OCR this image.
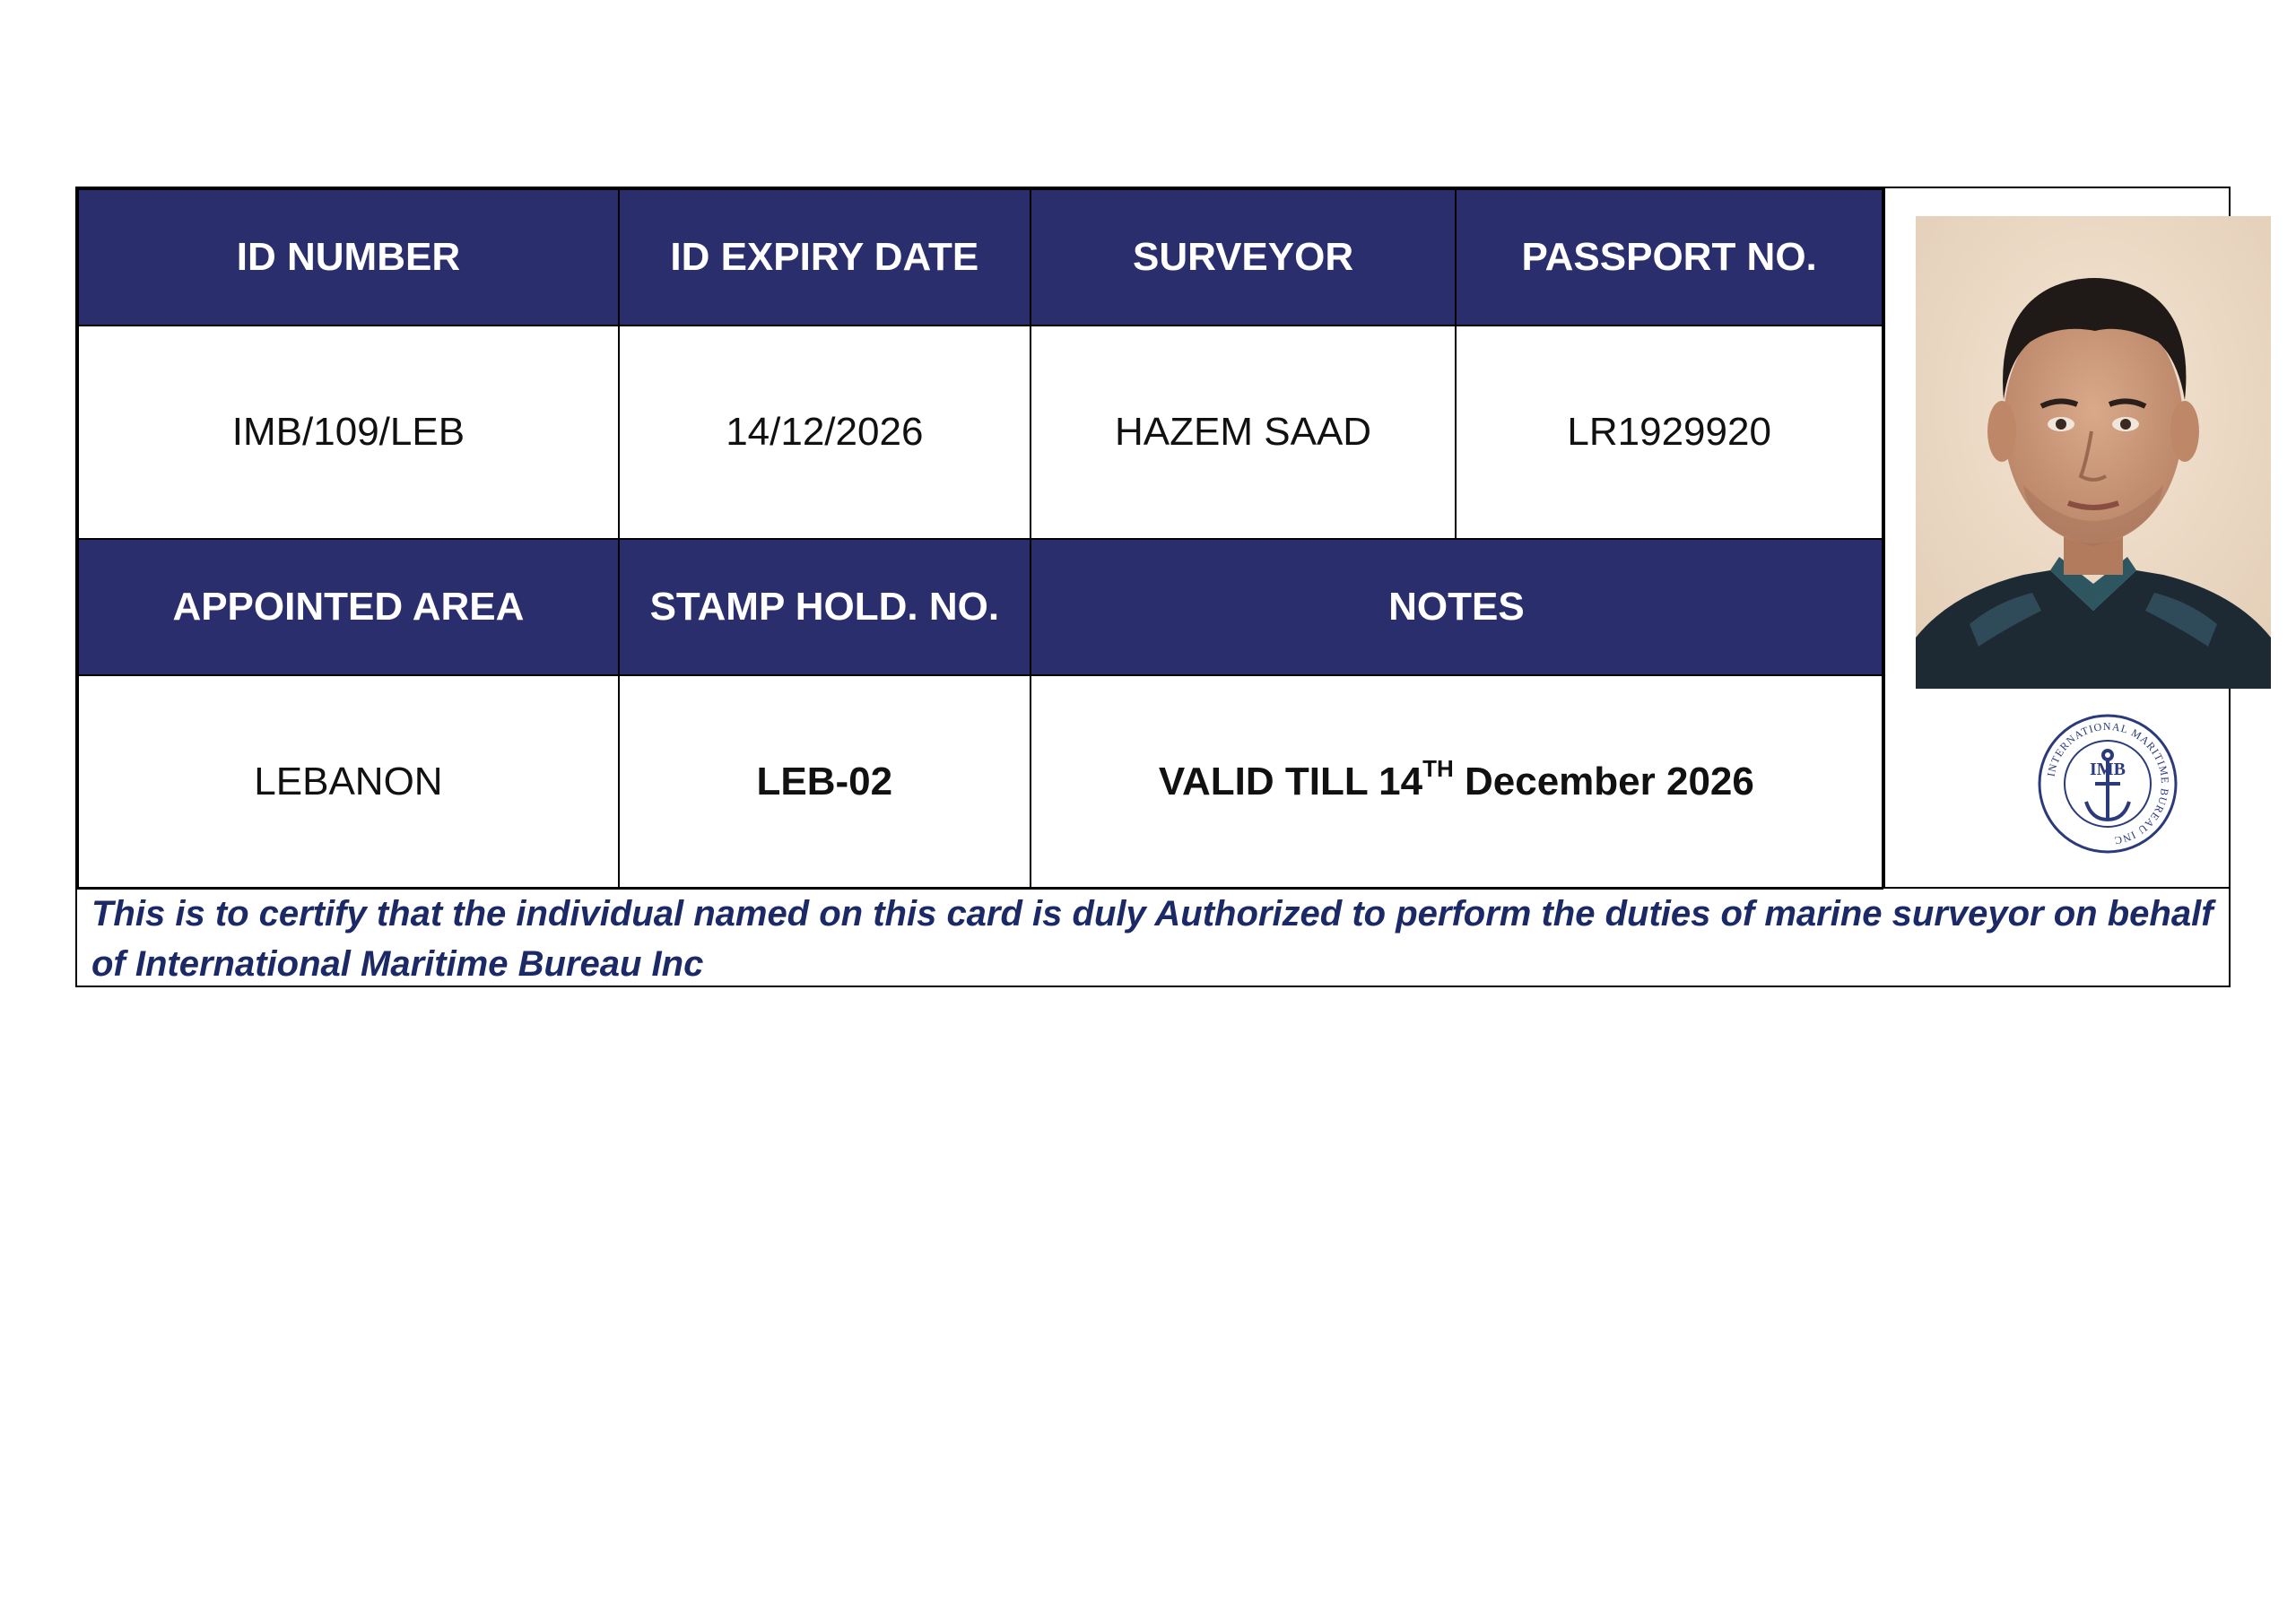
ID NUMBER	ID EXPIRY DATE	SURVEYOR	PASSPORT NO.
IMB/109/LEB	14/12/2026	HAZEM SAAD	LR1929920
APPOINTED AREA	STAMP HOLD. NO.	NOTES	
LEBANON	LEB-02	VALID TILL 14TH December 2026		INTERNATIONAL MARITIME BUREAU INC
IMB
This is to certify that the individual named on this card is duly Authorized to perform the duties of marine surveyor on behalf of International Maritime Bureau Inc
